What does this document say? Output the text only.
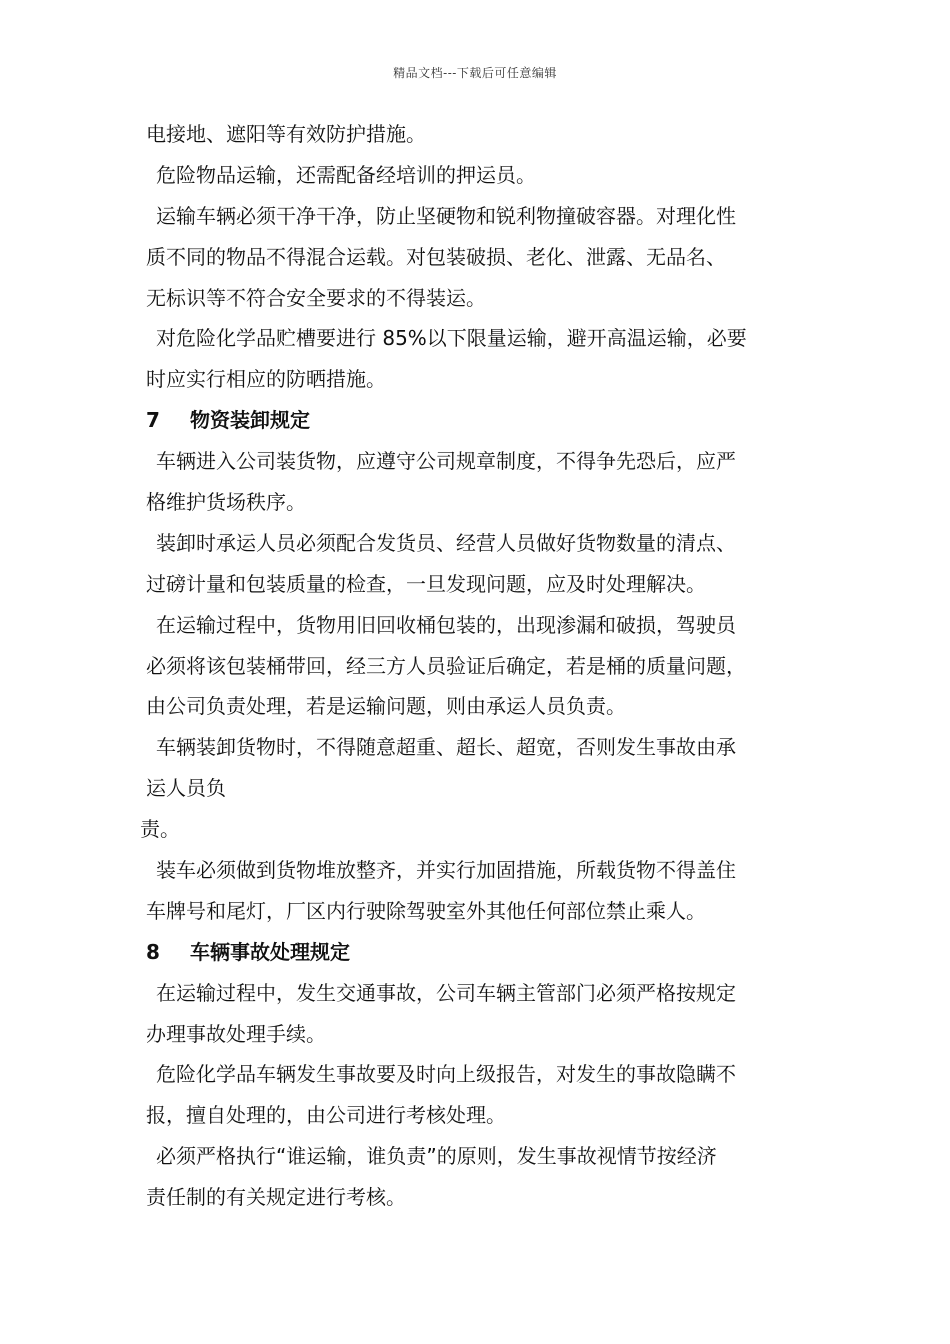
精品文档---下载后可任意编辑
电接地、遮阳等有效防护措施。
危险物品运输，还需配备经培训的押运员。
运输车辆必须干净干净，防止坚硬物和锐利物撞破容器。对理化性
质不同的物品不得混合运载。对包装破损、老化、泄露、无品名、
无标识等不符合安全要求的不得装运。
对危险化学品贮槽要进行 85%以下限量运输，避开高温运输，必要
时应实行相应的防晒措施。
7 物资装卸规定
车辆进入公司装货物，应遵守公司规章制度，不得争先恐后，应严
格维护货场秩序。
装卸时承运人员必须配合发货员、经营人员做好货物数量的清点、
过磅计量和包装质量的检查，一旦发现问题，应及时处理解决。
在运输过程中，货物用旧回收桶包装的，出现渗漏和破损，驾驶员
必须将该包装桶带回，经三方人员验证后确定，若是桶的质量问题，
由公司负责处理，若是运输问题，则由承运人员负责。
车辆装卸货物时，不得随意超重、超长、超宽，否则发生事故由承
运人员负
责。
装车必须做到货物堆放整齐，并实行加固措施，所载货物不得盖住
车牌号和尾灯，厂区内行驶除驾驶室外其他任何部位禁止乘人。
8 车辆事故处理规定
在运输过程中，发生交通事故，公司车辆主管部门必须严格按规定
办理事故处理手续。
危险化学品车辆发生事故要及时向上级报告，对发生的事故隐瞒不
报，擅自处理的，由公司进行考核处理。
必须严格执行“谁运输，谁负责”的原则，发生事故视情节按经济
责任制的有关规定进行考核。
